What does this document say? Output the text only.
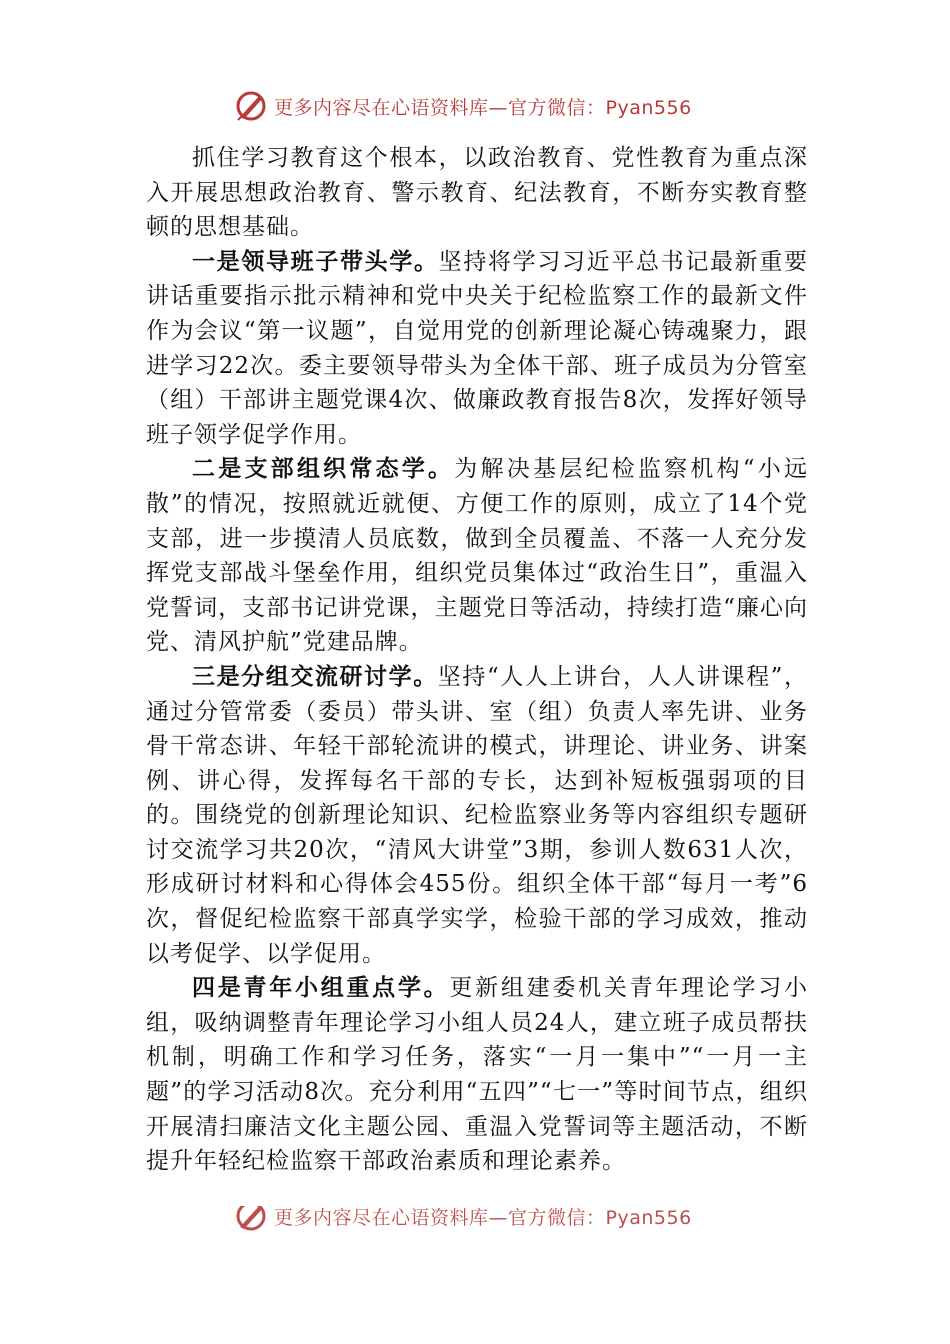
更多内容尽在心语资料库—官方微信：Pyan556

抓住学习教育这个根本，以政治教育、党性教育为重点深入开展思想政治教育、警示教育、纪法教育，不断夯实教育整顿的思想基础。

一是领导班子带头学。坚持将学习习近平总书记最新重要讲话重要指示批示精神和党中央关于纪检监察工作的最新文件作为会议“第一议题”，自觉用党的创新理论凝心铸魂聚力，跟进学习22次。委主要领导带头为全体干部、班子成员为分管室（组）干部讲主题党课4次、做廉政教育报告8次，发挥好领导班子领学促学作用。

二是支部组织常态学。为解决基层纪检监察机构“小远散”的情况，按照就近就便、方便工作的原则，成立了14个党支部，进一步摸清人员底数，做到全员覆盖、不落一人充分发挥党支部战斗堡垒作用，组织党员集体过“政治生日”，重温入党誓词，支部书记讲党课，主题党日等活动，持续打造“廉心向党、清风护航”党建品牌。

三是分组交流研讨学。坚持“人人上讲台，人人讲课程”，通过分管常委（委员）带头讲、室（组）负责人率先讲、业务骨干常态讲、年轻干部轮流讲的模式，讲理论、讲业务、讲案例、讲心得，发挥每名干部的专长，达到补短板强弱项的目的。围绕党的创新理论知识、纪检监察业务等内容组织专题研讨交流学习共20次，“清风大讲堂”3期，参训人数631人次，形成研讨材料和心得体会455份。组织全体干部“每月一考”6次，督促纪检监察干部真学实学，检验干部的学习成效，推动以考促学、以学促用。

四是青年小组重点学。更新组建委机关青年理论学习小组，吸纳调整青年理论学习小组人员24人，建立班子成员帮扶机制，明确工作和学习任务，落实“一月一集中”“一月一主题”的学习活动8次。充分利用“五四”“七一”等时间节点，组织开展清扫廉洁文化主题公园、重温入党誓词等主题活动，不断提升年轻纪检监察干部政治素质和理论素养。

更多内容尽在心语资料库—官方微信：Pyan556
